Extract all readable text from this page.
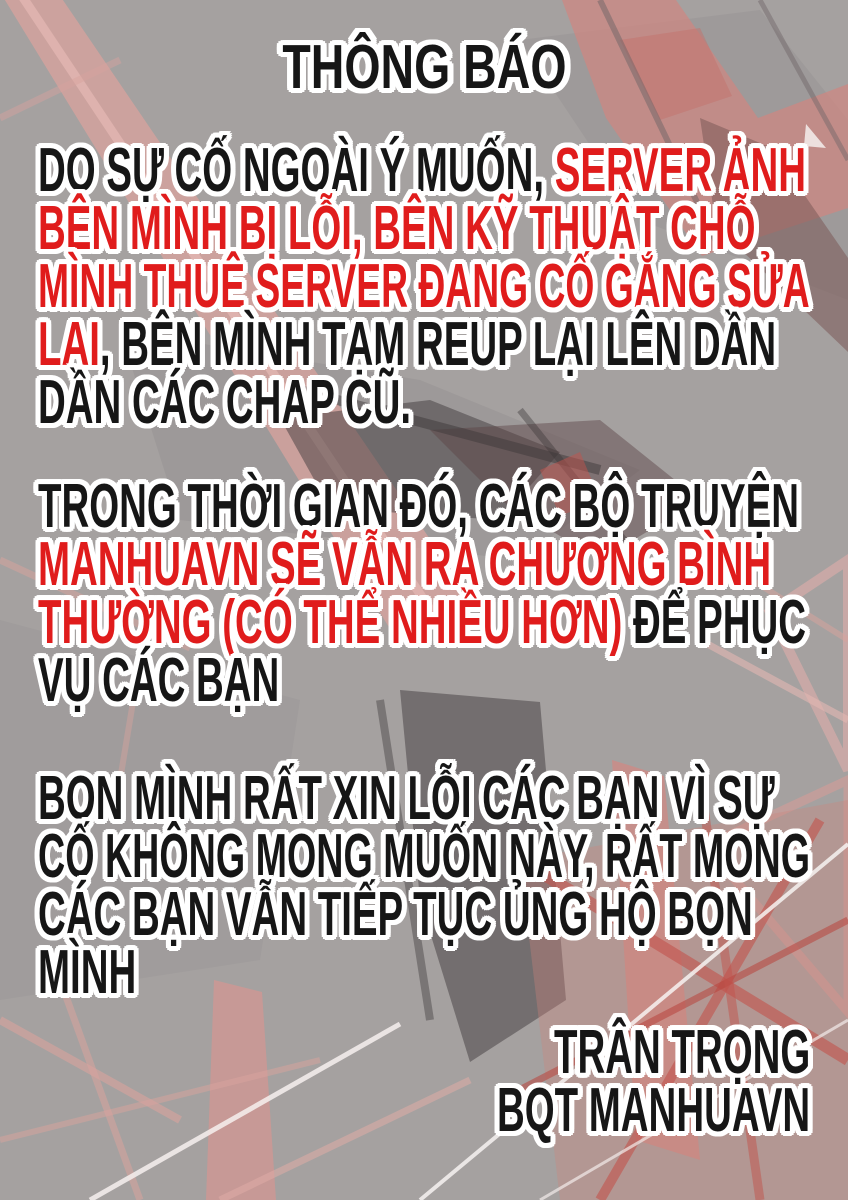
THÔNG BÁO
DO SỰ CỐ NGOÀI Ý MUỐN, SERVER ẢNH
BÊN MÌNH BỊ LỖI, BÊN KỸ THUẬT CHỖ
MÌNH THUÊ SERVER ĐANG CỐ GẮNG SỬA
LẠI, BÊN MÌNH TẠM REUP LẠI LÊN DẦN
DẦN CÁC CHAP CŨ.
TRONG THỜI GIAN ĐÓ, CÁC BỘ TRUYỆN
MANHUAVN SẼ VẪN RA CHƯƠNG BÌNH
THƯỜNG (CÓ THỂ NHIỀU HƠN) ĐỂ PHỤC
VỤ CÁC BẠN
BỌN MÌNH RẤT XIN LỖI CÁC BẠN VÌ SỰ
CỐ KHÔNG MONG MUỐN NÀY, RẤT MONG
CÁC BẠN VẪN TIẾP TỤC ỦNG HỘ BỌN
MÌNH
TRÂN TRỌNG
BQT MANHUAVN
